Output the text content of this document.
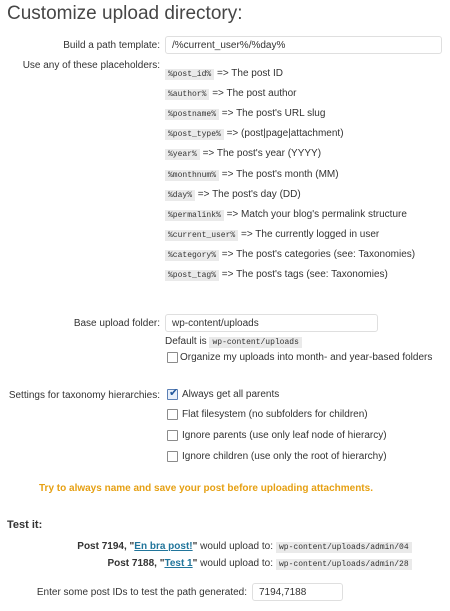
Customize upload directory:
Build a path template:
/%current_user%/%day%
Use any of these placeholders:
%post_id% => The post ID
%author% => The post author
%postname% => The post's URL slug
%post_type% => (post|page|attachment)
%year% => The post's year (YYYY)
%monthnum% => The post's month (MM)
%day% => The post's day (DD)
%permalink% => Match your blog's permalink structure
%current_user% => The currently logged in user
%category% => The post's categories (see: Taxonomies)
%post_tag% => The post's tags (see: Taxonomies)
Base upload folder:
wp-content/uploads
Default is wp-content/uploads
Organize my uploads into month- and year-based folders
Settings for taxonomy hierarchies: ✔ Always get all parents
Flat filesystem (no subfolders for children)
Ignore parents (use only leaf node of hierarcy)
Ignore children (use only the root of hierarchy)
Try to always name and save your post before uploading attachments.
Test it:
Post 7194, "En bra post!" would upload to: wp-content/uploads/admin/04
Post 7188, "Test 1" would upload to: wp-content/uploads/admin/28
Enter some post IDs to test the path generated:
7194,7188
